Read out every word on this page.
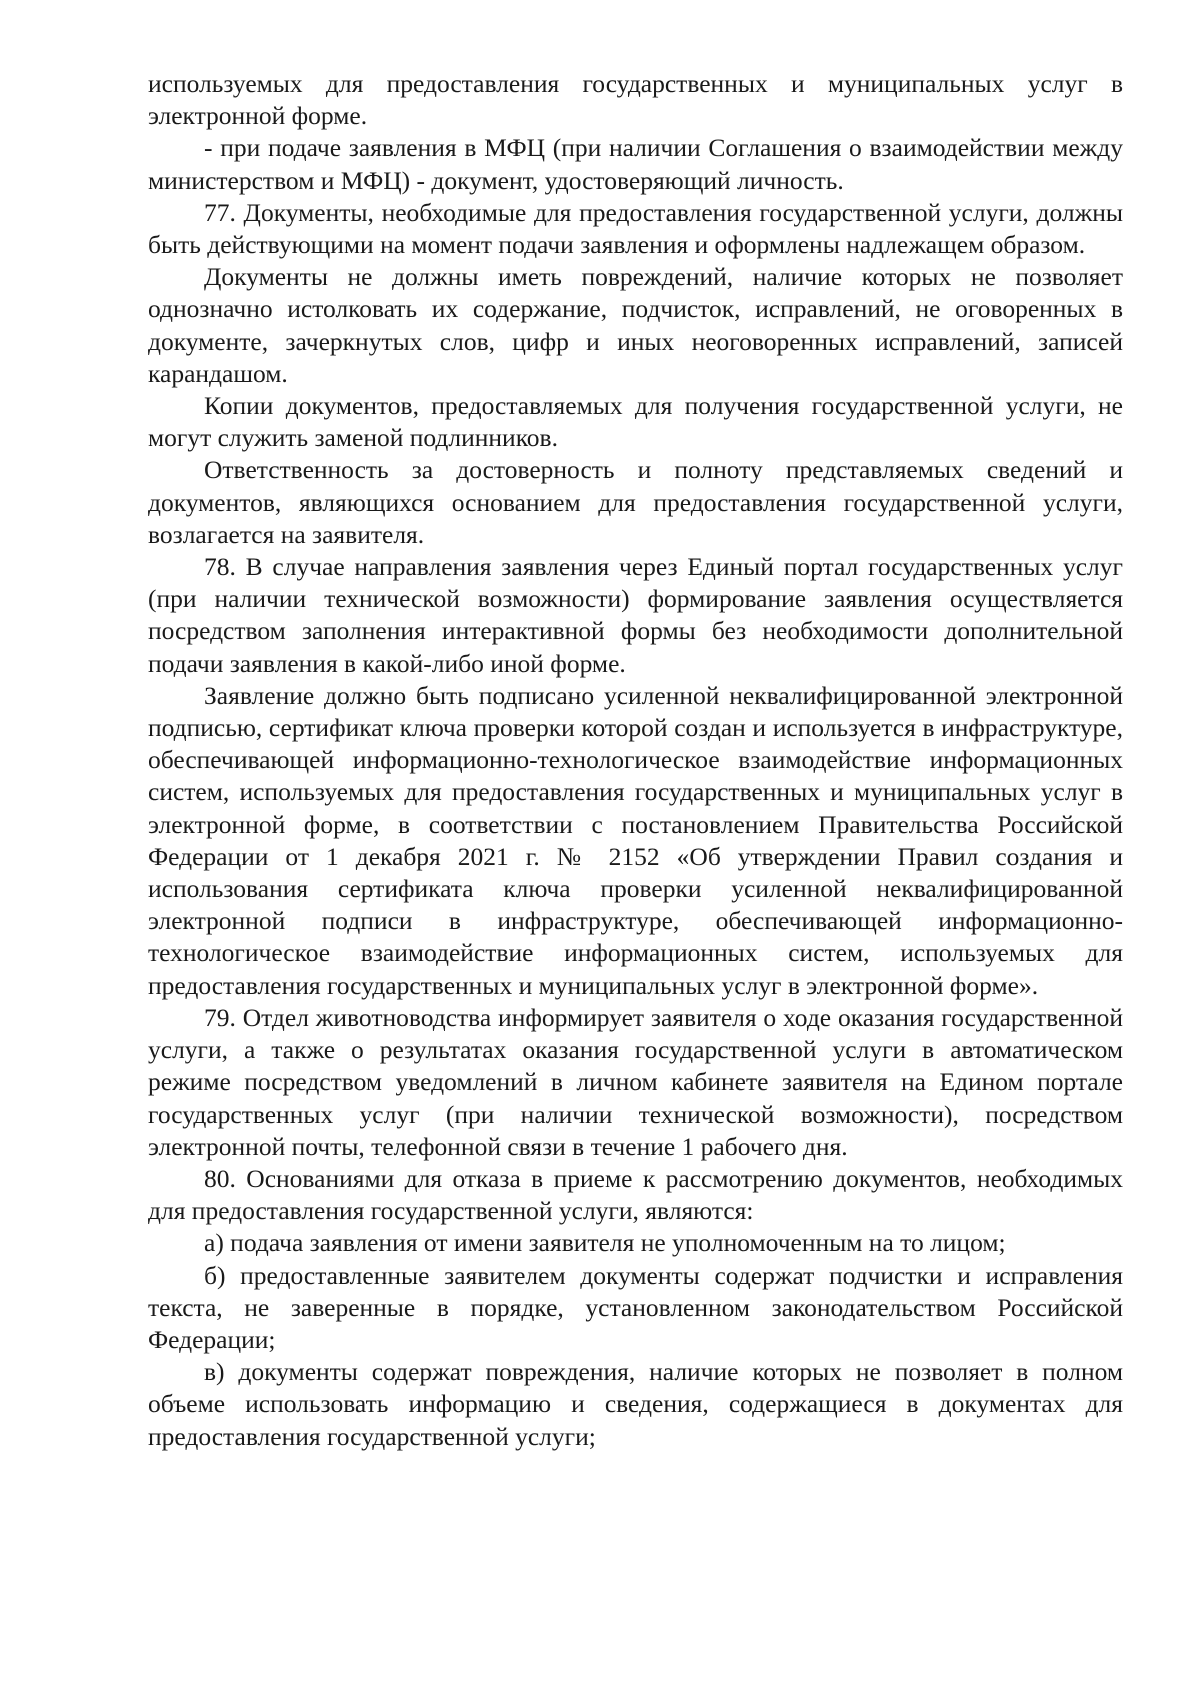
используемых для предоставления государственных и муниципальных услуг в электронной форме.

- при подаче заявления в МФЦ (при наличии Соглашения о взаимодействии между министерством и МФЦ) - документ, удостоверяющий личность.

77. Документы, необходимые для предоставления государственной услуги, должны быть действующими на момент подачи заявления и оформлены надлежащем образом.

Документы не должны иметь повреждений, наличие которых не позволяет однозначно истолковать их содержание, подчисток, исправлений, не оговоренных в документе, зачеркнутых слов, цифр и иных неоговоренных исправлений, записей карандашом.

Копии документов, предоставляемых для получения государственной услуги, не могут служить заменой подлинников.

Ответственность за достоверность и полноту представляемых сведений и документов, являющихся основанием для предоставления государственной услуги, возлагается на заявителя.

78. В случае направления заявления через Единый портал государственных услуг (при наличии технической возможности) формирование заявления осуществляется посредством заполнения интерактивной формы без необходимости дополнительной подачи заявления в какой-либо иной форме.

Заявление должно быть подписано усиленной неквалифицированной электронной подписью, сертификат ключа проверки которой создан и используется в инфраструктуре, обеспечивающей информационно-технологическое взаимодействие информационных систем, используемых для предоставления государственных и муниципальных услуг в электронной форме, в соответствии с постановлением Правительства Российской Федерации от 1 декабря 2021 г. № 2152 «Об утверждении Правил создания и использования сертификата ключа проверки усиленной неквалифицированной электронной подписи в инфраструктуре, обеспечивающей информационно-технологическое взаимодействие информационных систем, используемых для предоставления государственных и муниципальных услуг в электронной форме».

79. Отдел животноводства информирует заявителя о ходе оказания государственной услуги, а также о результатах оказания государственной услуги в автоматическом режиме посредством уведомлений в личном кабинете заявителя на Едином портале государственных услуг (при наличии технической возможности), посредством электронной почты, телефонной связи в течение 1 рабочего дня.

80. Основаниями для отказа в приеме к рассмотрению документов, необходимых для предоставления государственной услуги, являются:

а) подача заявления от имени заявителя не уполномоченным на то лицом;

б) предоставленные заявителем документы содержат подчистки и исправления текста, не заверенные в порядке, установленном законодательством Российской Федерации;

в) документы содержат повреждения, наличие которых не позволяет в полном объеме использовать информацию и сведения, содержащиеся в документах для предоставления государственной услуги;
